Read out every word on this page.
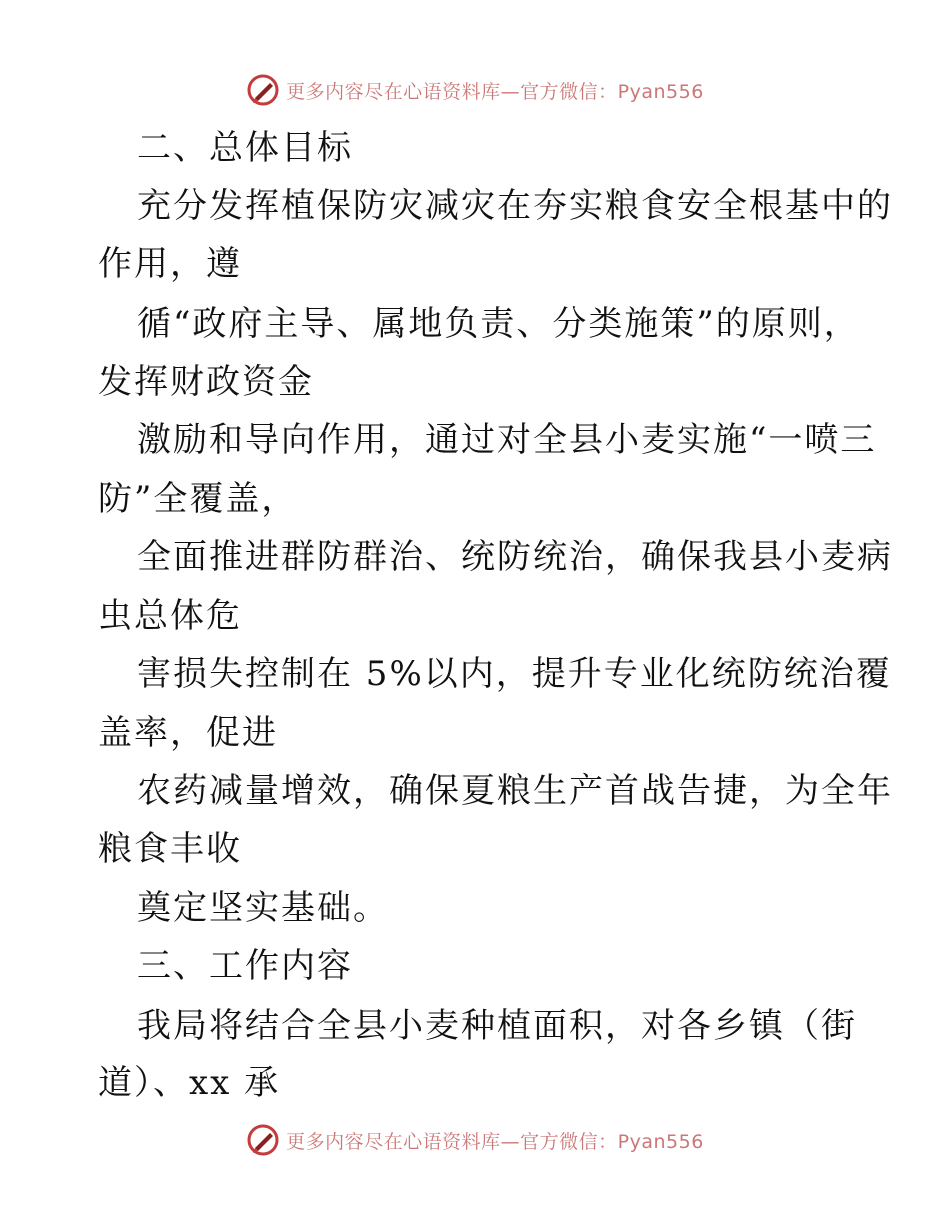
更多内容尽在心语资料库—官方微信：Pyan556

二、总体目标

充分发挥植保防灾减灾在夯实粮食安全根基中的

作用，遵

循“政府主导、属地负责、分类施策”的原则，

发挥财政资金

激励和导向作用，通过对全县小麦实施“一喷三

防”全覆盖，

全面推进群防群治、统防统治，确保我县小麦病

虫总体危

害损失控制在 5%以内，提升专业化统防统治覆

盖率，促进

农药减量增效，确保夏粮生产首战告捷，为全年

粮食丰收

奠定坚实基础。

三、工作内容

我局将结合全县小麦种植面积，对各乡镇（街

道）、xx 承

更多内容尽在心语资料库—官方微信：Pyan556
